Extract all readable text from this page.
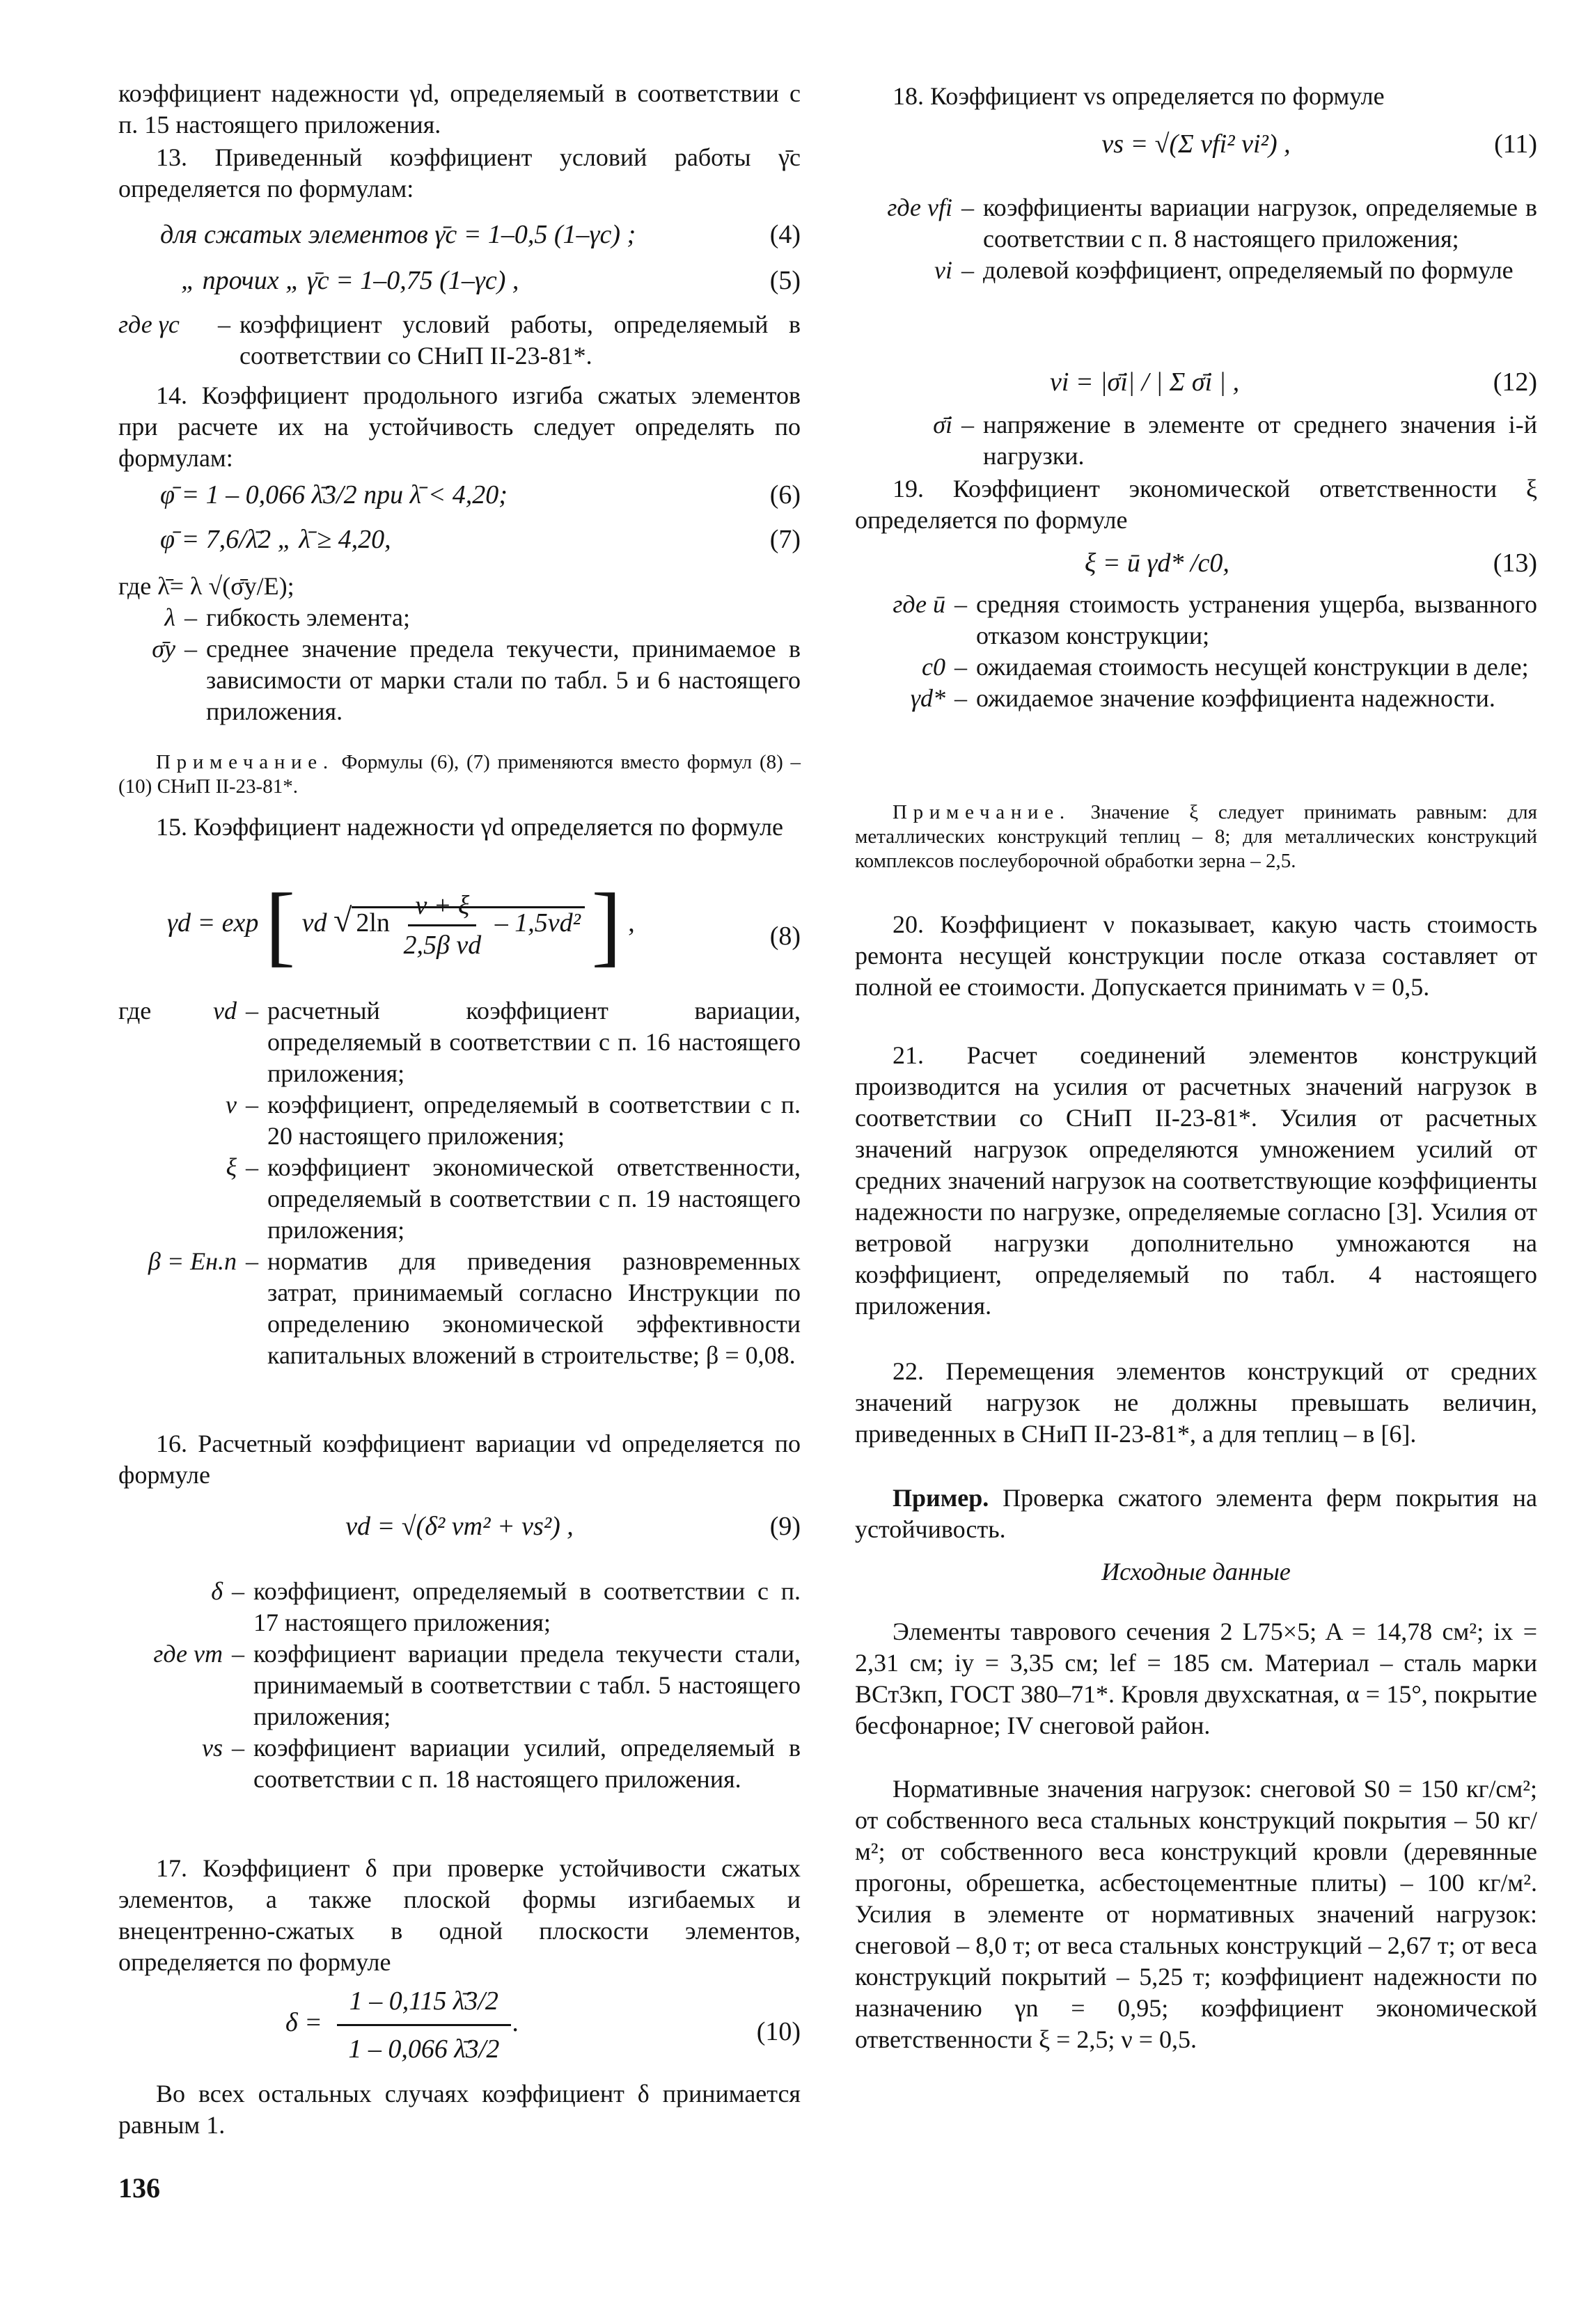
коэффициент надежности γd, определяемый в соответствии с п. 15 настоящего приложения.
13. Приведенный коэффициент условий работы γ̄c определяется по формулам:
для сжатых элементов γ̄c = 1–0,5 (1–γc) ;	(4)
„ прочих „ γ̄c = 1–0,75 (1–γc) ,	(5)
где γc	– коэффициент условий работы, определяемый в соответствии со СНиП II-23-81*.
14. Коэффициент продольного изгиба сжатых элементов при расчете их на устойчивость следует определять по формулам:
φ̄ = 1 – 0,066 λ̄3/2 при λ̄ < 4,20;	(6)
φ̄ = 7,6/λ̄2 „ λ̄ ≥ 4,20,	(7)
где λ̄= λ √(σ̄y/E);
λ – гибкость элемента;
σ̄y – среднее значение предела текучести, принимаемое в зависимости от марки стали по табл. 5 и 6 настоящего приложения.
Примечание. Формулы (6), (7) применяются вместо формул (8) – (10) СНиП II-23-81*.
15. Коэффициент надежности γd определяется по формуле
γd = exp [ vd √ $2\ln \frac{\nu + \xi}{\text{2,5β vd}} - 1,5vd^2$ ] ,	(8)
где	vd – расчетный коэффициент вариации, определяемый в соответствии с п. 16 настоящего приложения;
ν – коэффициент, определяемый в соответствии с п. 20 настоящего приложения;
ξ – коэффициент экономической ответственности, определяемый в соответствии с п. 19 настоящего приложения;
β = Eн.п – норматив для приведения разновременных затрат, принимаемый согласно Инструкции по определению экономической эффективности капитальных вложений в строительстве; β = 0,08.
16. Расчетный коэффициент вариации vd определяется по формуле
vd = √(δ² vm² + vs²) ,	(9)
δ – коэффициент, определяемый в соответствии с п. 17 настоящего приложения;
где vm – коэффициент вариации предела текучести стали, принимаемый в соответствии с табл. 5 настоящего приложения;
vs – коэффициент вариации усилий, определяемый в соответствии с п. 18 настоящего приложения.
17. Коэффициент δ при проверке устойчивости сжатых элементов, а также плоской формы изгибаемых и внецентренно-сжатых в одной плоскости элементов, определяется по формуле
$\delta = \frac{1 - 0,115 \lambdā3/2}{1 - 0,066 \lambdā3/2}$ .	(10)
Во всех остальных случаях коэффициент δ принимается равным 1.
18. Коэффициент vs определяется по формуле
vs = √(Σ vfi² νi²) ,	(11)
где vfi – коэффициенты вариации нагрузок, определяемые в соответствии с п. 8 настоящего приложения;
νi – долевой коэффициент, определяемый по формуле
νi = |σ̄i| / | Σ σ̄i | ,	(12)
σ̄i – напряжение в элементе от среднего значения i-й нагрузки.
19. Коэффициент экономической ответственности ξ определяется по формуле
ξ = ū γd* /c0,	(13)
где ū – средняя стоимость устранения ущерба, вызванного отказом конструкции;
c0 – ожидаемая стоимость несущей конструкции в деле;
γd* – ожидаемое значение коэффициента надежности.
Примечание. Значение ξ следует принимать равным: для металлических конструкций теплиц – 8; для металлических конструкций комплексов послеуборочной обработки зерна – 2,5.
20. Коэффициент ν показывает, какую часть стоимость ремонта несущей конструкции после отказа составляет от полной ее стоимости. Допускается принимать ν = 0,5.
21. Расчет соединений элементов конструкций производится на усилия от расчетных значений нагрузок в соответствии со СНиП II-23-81*. Усилия от расчетных значений нагрузок определяются умножением усилий от средних значений нагрузок на соответствующие коэффициенты надежности по нагрузке, определяемые согласно [3]. Усилия от ветровой нагрузки дополнительно умножаются на коэффициент, определяемый по табл. 4 настоящего приложения.
22. Перемещения элементов конструкций от средних значений нагрузок не должны превышать величин, приведенных в СНиП II-23-81*, а для теплиц – в [6].
Пример. Проверка сжатого элемента ферм покрытия на устойчивость.
Исходные данные
Элементы таврового сечения 2 L75×5; A = 14,78 см²; ix = 2,31 см; iy = 3,35 см; lef = 185 см. Материал – сталь марки ВСт3кп, ГОСТ 380–71*. Кровля двухскатная, α = 15°, покрытие бесфонарное; IV снеговой район.
Нормативные значения нагрузок: снеговой S0 = 150 кг/см²; от собственного веса стальных конструкций покрытия – 50 кг/м²; от собственного веса конструкций кровли (деревянные прогоны, обрешетка, асбестоцементные плиты) – 100 кг/м². Усилия в элементе от нормативных значений нагрузок: снеговой – 8,0 т; от веса стальных конструкций – 2,67 т; от веса конструкций покрытий – 5,25 т; коэффициент надежности по назначению γn = 0,95; коэффициент экономической ответственности ξ = 2,5; ν = 0,5.
136
